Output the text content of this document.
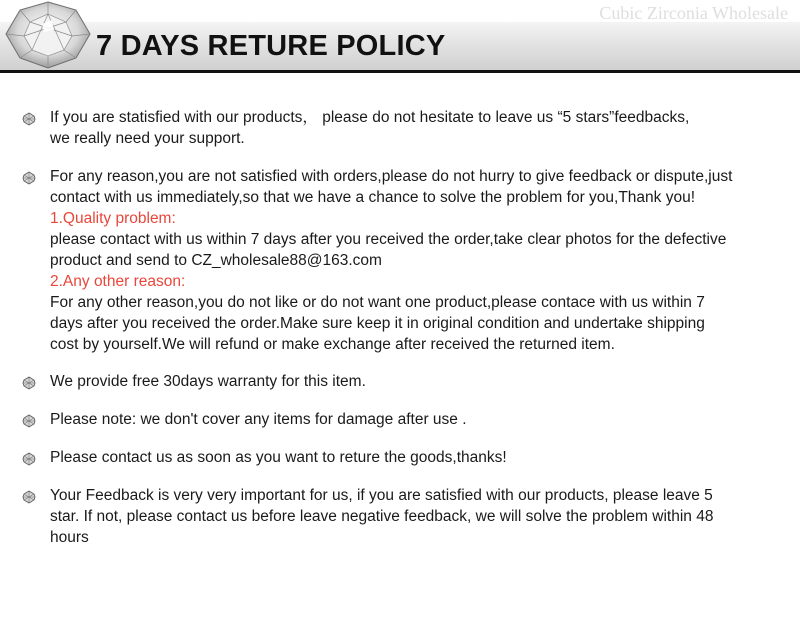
7 DAYS RETURE POLICY
Cubic Zirconia Wholesale
If you are statisfied with our products， please do not hesitate to leave us “5 stars”feedbacks,
we really need your support.
For any reason,you are not satisfied with orders,please do not hurry to give feedback or dispute,just
contact with us immediately,so that we have a chance to solve the problem for you,Thank you!
1.Quality problem:
please contact with us within 7 days after you received the order,take clear photos for the defective
product and send to CZ_wholesale88@163.com
2.Any other reason:
For any other reason,you do not like or do not want one product,please contace with us within 7
days after you received the order.Make sure keep it in original condition and undertake shipping
cost by yourself.We will refund or make exchange after received the returned item.
We provide free 30days warranty for this item.
Please note: we don't cover any items for damage after use .
Please contact us as soon as you want to reture the goods,thanks!
Your Feedback is very very important for us, if you are satisfied with our products, please leave 5
star. If not, please contact us before leave negative feedback, we will solve the problem within 48
hours
